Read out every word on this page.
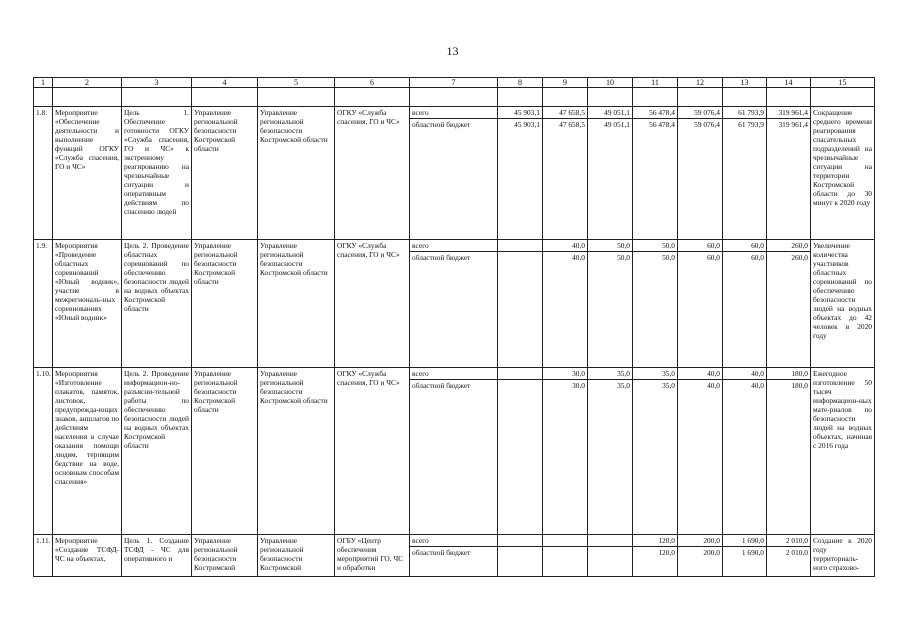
13
1	2	3	4	5	6	7	8	9	10	11	12	13	14	15

1.8.	Мероприятие «Обеспечение деятельности и выполнение функций ОГКУ «Служба спасения, ГО и ЧС»	Цель 1. Обеспечение готовности ОГКУ «Служба спасения, ГО и ЧС» к экстренному реагированию на чрезвычайные ситуации и оперативным действиям по спасению людей	Управление региональной безопасности Костромской области	Управление региональной безопасности Костромской области	ОГКУ «Служба спасения, ГО и ЧС»	всего	45 903,1	47 658,5	49 051,1	56 478,4	59 076,4	61 793,9	319 961,4	Сокращение среднего времени реагирования спасательных подразделений на чрезвычайные ситуации на территории Костромской области до 30 минут к 2020 году
						областной бюджет	45 903,1	47 658,5	49 051,1	56 478,4	59 076,4	61 793,9	319 961,4	
1.9.	Мероприятия «Проведение областных соревнований «Юный водник», участие в межрегиональ-ных соревнованиях «Юный водник»	Цель 2. Проведение областных соревнований по обеспечению безопасности людей на водных объектах Костромской области	Управление региональной безопасности Костромской области	Управление региональной безопасности Костромской области	ОГКУ «Служба спасения, ГО и ЧС»	всего		40,0	50,0	50,0	60,0	60,0	260,0	Увеличение количества участников областных соревнований по обеспечению безопасности людей на водных объектах до 42 человек в 2020 году
						областной бюджет		40,0	50,0	50,0	60,0	60,0	260,0	
1.10.	Мероприятия «Изготовление плакатов, памяток, листовок, предупрежда-ющих знаков, аншлагов по действиям населения в случае оказания помощи людям, терпящим бедствие на воде, основным способам спасения»	Цель 2. Проведение информацион-но-разъясни-тельной работы по обеспечению безопасности людей на водных объектах Костромской области	Управление региональной безопасности Костромской области	Управление региональной безопасности Костромской области	ОГКУ «Служба спасения, ГО и ЧС»	всего		30,0	35,0	35,0	40,0	40,0	180,0	Ежегодное изготовление 50 тысяч информацион-ных мате-риалов по безопасности людей на водных объектах, начиная с 2016 года
						областной бюджет		30,0	35,0	35,0	40,0	40,0	180,0	
1.11.	Мероприятие «Создание ТСФД-ЧС на объектах,	Цель 1. Создание ТСФД - ЧС для оперативного и	Управление региональной безопасности Костромской	Управление региональной безопасности Костромской	ОГБУ «Центр обеспечения мероприятий ГО, ЧС и обработки	всего				120,0	200,0	1 690,0	2 010,0	Создание к 2020 году территориаль-ного страхово-
						областной бюджет				120,0	200,0	1 690,0	2 010,0	
